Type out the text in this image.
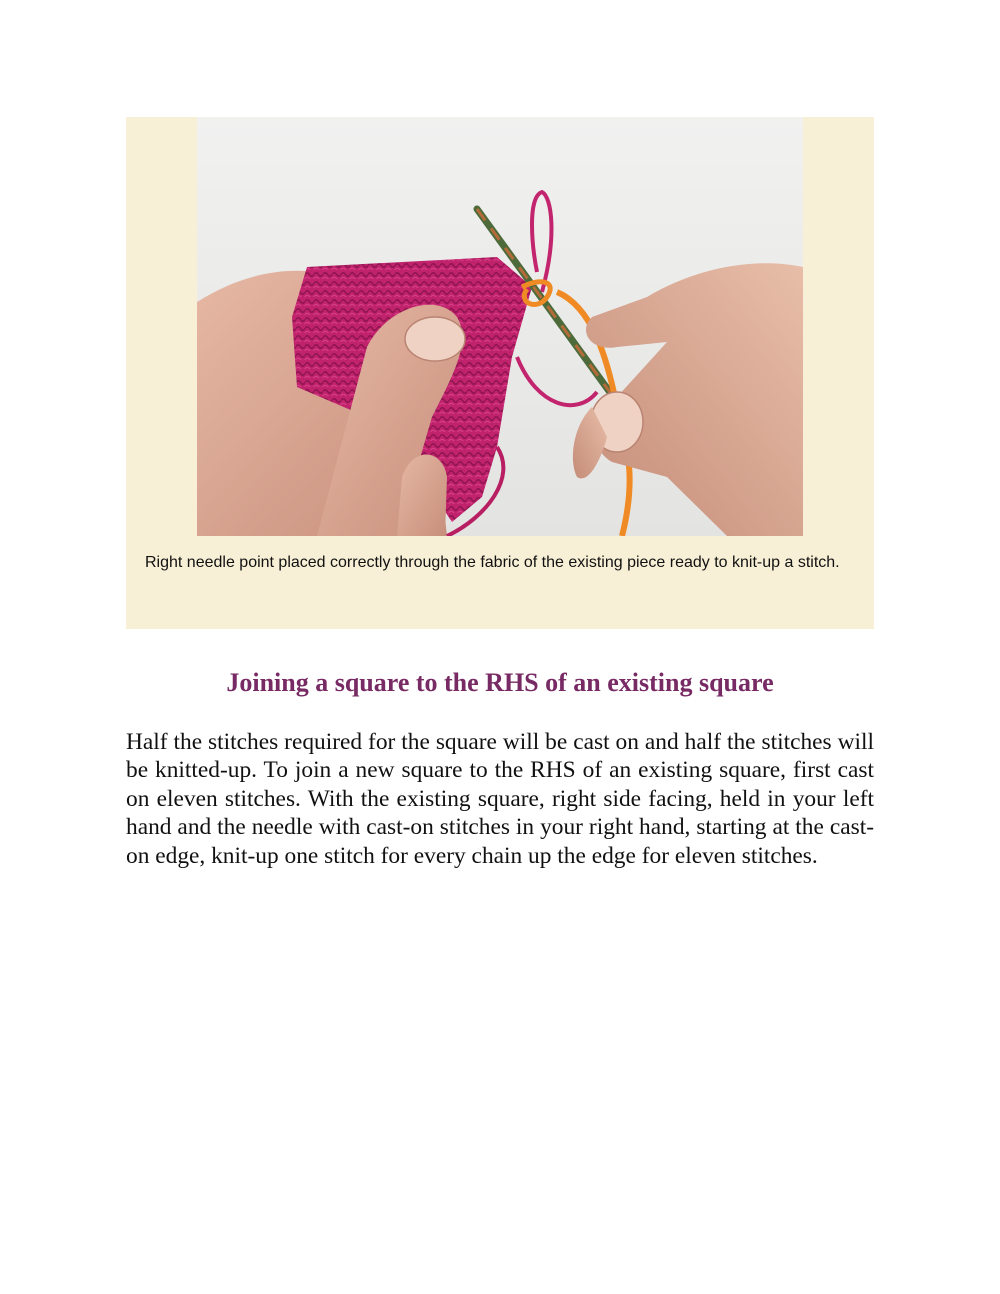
Right needle point placed correctly through the fabric of the existing piece ready to knit-up a stitch.

Joining a square to the RHS of an existing square

Half the stitches required for the square will be cast on and half the stitches will be knitted-up. To join a new square to the RHS of an existing square, first cast on eleven stitches. With the existing square, right side facing, held in your left hand and the needle with cast-on stitches in your right hand, starting at the cast-on edge, knit-up one stitch for every chain up the edge for eleven stitches.
